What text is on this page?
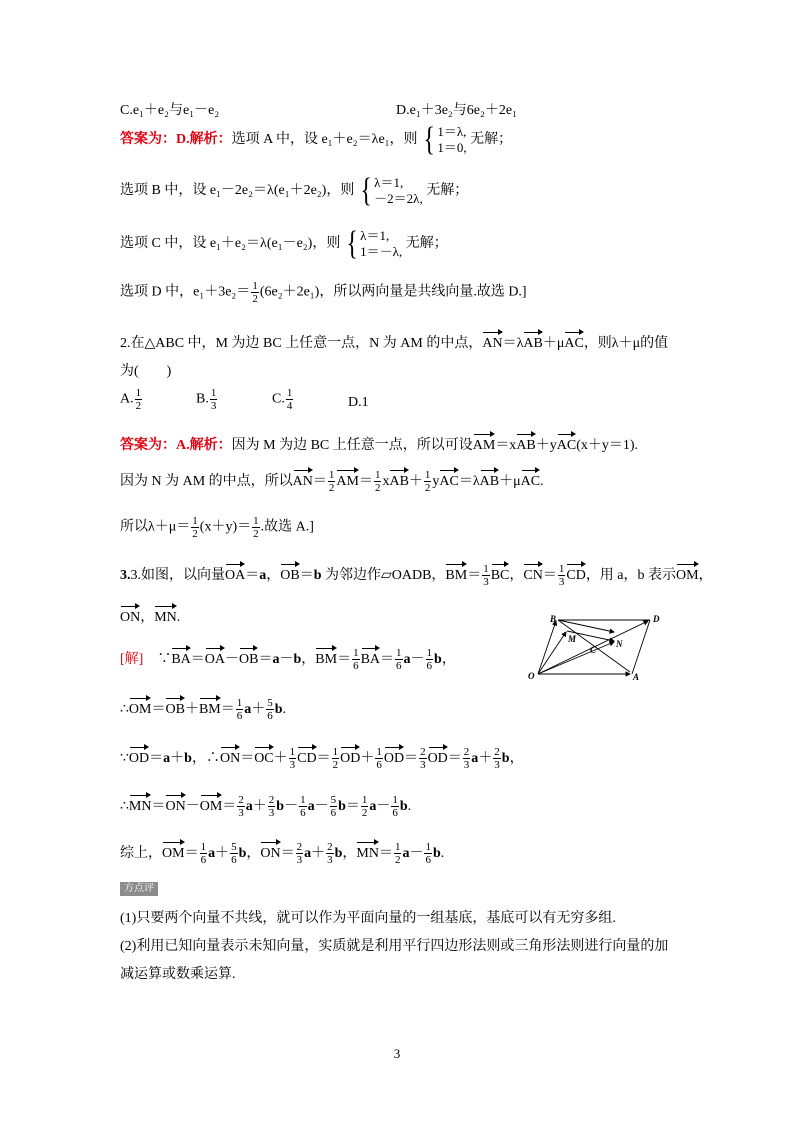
C.e₁＋e₂与e₁－e₂	D.e₁＋3e₂与6e₂＋2e₁
答案为：D.解析：选项 A 中，设 e₁＋e₂＝λe₁，则 { 1＝λ,
1＝0,
无解；
选项 B 中，设 e₁－2e₂＝λ(e₁＋2e₂)，则 { λ＝1,
－2＝2λ,
无解；
选项 C 中，设 e₁＋e₂＝λ(e₁－e₂)，则 { λ＝1,
1＝－λ,
无解；
选项 D 中，$e_1+3e_2= \frac{1}{2} (6e_2+2e_1)$，所以两向量是共线向量.故选 D.]
2.在△ABC 中，M 为边 BC 上任意一点，N 为 AM 的中点，AN＝λAB＋μAC，则λ＋μ的值
为(　　)
A. $\frac{1}{2}$	B. $\frac{1}{3}$	C. $\frac{1}{4}$	D.1
答案为：A.解析：因为 M 为边 BC 上任意一点，所以可设AM＝xAB＋yAC(x＋y＝1).
因为 N 为 AM 的中点，所以$AN= \frac{1}{2} AM= \frac{1}{2} xAB+ \frac{1}{2} yAC=\lambda AB+\mu AC$.
所以$\lambda+\mu= \frac{1}{2} (x+y)= \frac{1}{2}$ .故选 A.]
3.3.如图，以向量OA＝a，OB＝b 为邻边作▱OADB，$BM= \frac{1}{3}$ BC，$CN= \frac{1}{3}$ CD，用 a，b 表示OM，
ON，MN.	B	D
M
C
N
O	A
[解]　∵BA＝OA－OB＝a－b，$BM= \frac{1}{6} BA= \frac{1}{6} a- \frac{1}{6}$ b，
∴OM＝OB＋BM＝ $\frac{1}{6} a+ \frac{5}{6} b$.
∵OD＝a＋b，∴ON＝OC＋ $\frac{1}{3} CD= \frac{1}{2} OD+ \frac{1}{6} OD= \frac{2}{3} OD= \frac{2}{3} a+ \frac{2}{3}$ b，
∴MN＝ON－OM＝ $\frac{2}{3} a+ \frac{2}{3} b- \frac{1}{6} a- \frac{5}{6} b= \frac{1}{2} a- \frac{1}{6} b$.
综上，$OM= \frac{1}{6} a+ \frac{5}{6}$ b，$ON= \frac{2}{3} a+ \frac{2}{3}$ b，$MN= \frac{1}{2} a- \frac{1}{6} b$.
方点评
(1)只要两个向量不共线，就可以作为平面向量的一组基底，基底可以有无穷多组.
(2)利用已知向量表示未知向量，实质就是利用平行四边形法则或三角形法则进行向量的加
减运算或数乘运算.
3
